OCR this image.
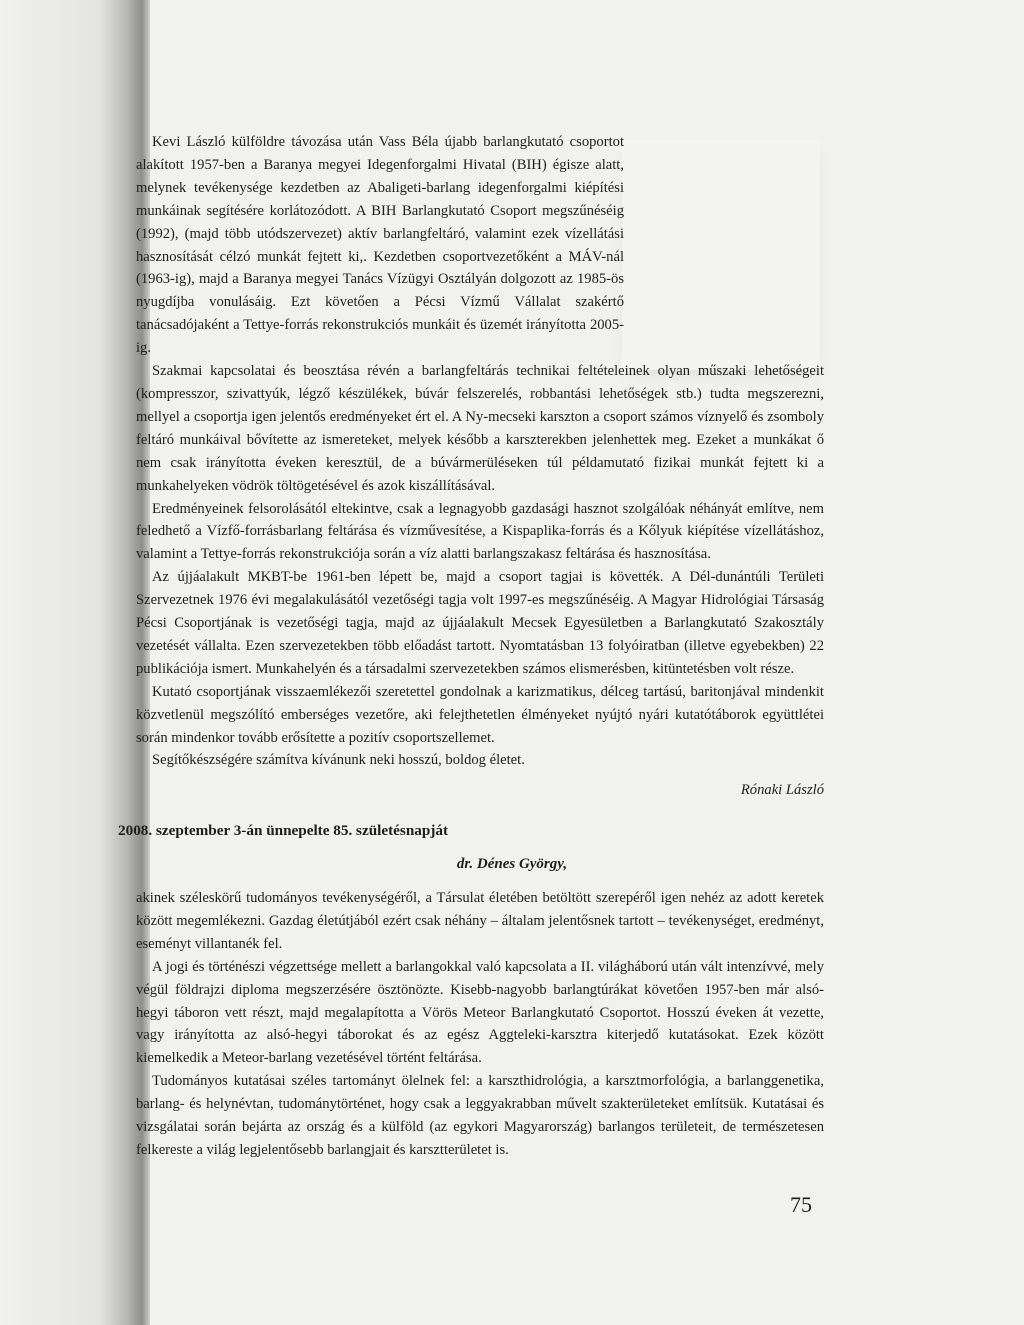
Kevi László külföldre távozása után Vass Béla újabb barlangkutató csoportot alakított 1957-ben a Baranya megyei Idegenforgalmi Hivatal (BIH) égisze alatt, melynek tevékenysége kezdetben az Abaligeti-barlang idegenforgalmi kiépítési munkáinak segítésére korlátozódott. A BIH Barlangkutató Csoport megszűnéséig (1992), (majd több utódszervezet) aktív barlangfeltáró, valamint ezek vízellátási hasznosítását célzó munkát fejtett ki,. Kezdetben csoportvezetőként a MÁV-nál (1963-ig), majd a Baranya megyei Tanács Vízügyi Osztályán dolgozott az 1985-ös nyugdíjba vonulásáig. Ezt követően a Pécsi Vízmű Vállalat szakértő tanácsadójaként a Tettye-forrás rekonstrukciós munkáit és üzemét irányította 2005-ig.

Szakmai kapcsolatai és beosztása révén a barlangfeltárás technikai feltételeinek olyan műszaki lehetőségeit (kompresszor, szivattyúk, légző készülékek, búvár felszerelés, robbantási lehetőségek stb.) tudta megszerezni, mellyel a csoportja igen jelentős eredményeket ért el. A Ny-mecseki karszton a csoport számos víznyelő és zsomboly feltáró munkáival bővítette az ismereteket, melyek később a karszterekben jelenhettek meg. Ezeket a munkákat ő nem csak irányította éveken keresztül, de a búvármerüléseken túl példamutató fizikai munkát fejtett ki a munkahelyeken vödrök töltögetésével és azok kiszállításával.

Eredményeinek felsorolásától eltekintve, csak a legnagyobb gazdasági hasznot szolgálóak néhányát említve, nem feledhető a Vízfő-forrásbarlang feltárása és vízművesítése, a Kispaplika-forrás és a Kőlyuk kiépítése vízellátáshoz, valamint a Tettye-forrás rekonstrukciója során a víz alatti barlangszakasz feltárása és hasznosítása.

Az újjáalakult MKBT-be 1961-ben lépett be, majd a csoport tagjai is követték. A Dél-dunántúli Területi Szervezetnek 1976 évi megalakulásától vezetőségi tagja volt 1997-es megszűnéséig. A Magyar Hidrológiai Társaság Pécsi Csoportjának is vezetőségi tagja, majd az újjáalakult Mecsek Egyesületben a Barlangkutató Szakosztály vezetését vállalta. Ezen szervezetekben több előadást tartott. Nyomtatásban 13 folyóiratban (illetve egyebekben) 22 publikációja ismert. Munkahelyén és a társadalmi szervezetekben számos elismerésben, kitüntetésben volt része.

Kutató csoportjának visszaemlékezői szeretettel gondolnak a karizmatikus, délceg tartású, baritonjával mindenkit közvetlenül megszólító emberséges vezetőre, aki felejthetetlen élményeket nyújtó nyári kutatótáborok együttlétei során mindenkor tovább erősítette a pozitív csoportszellemet.

Segítőkészségére számítva kívánunk neki hosszú, boldog életet.

Rónaki László
2008. szeptember 3-án ünnepelte 85. születésnapját
dr. Dénes György,

akinek széleskörű tudományos tevékenységéről, a Társulat életében betöltött szerepéről igen nehéz az adott keretek között megemlékezni. Gazdag életútjából ezért csak néhány – általam jelentősnek tartott – tevékenységet, eredményt, eseményt villantanék fel.

A jogi és történészi végzettsége mellett a barlangokkal való kapcsolata a II. világháború után vált intenzívvé, mely végül földrajzi diploma megszerzésére ösztönözte. Kisebb-nagyobb barlangtúrákat követően 1957-ben már alsó-hegyi táboron vett részt, majd megalapította a Vörös Meteor Barlangkutató Csoportot. Hosszú éveken át vezette, vagy irányította az alsó-hegyi táborokat és az egész Aggteleki-karsztra kiterjedő kutatásokat. Ezek között kiemelkedik a Meteor-barlang vezetésével történt feltárása.

Tudományos kutatásai széles tartományt ölelnek fel: a karszthidrológia, a karsztmorfológia, a barlanggenetika, barlang- és helynévtan, tudománytörténet, hogy csak a leggyakrabban művelt szakterületeket említsük. Kutatásai és vizsgálatai során bejárta az ország és a külföld (az egykori Magyarország) barlangos területeit, de természetesen felkereste a világ legjelentősebb barlangjait és karsztterületet is.

75
